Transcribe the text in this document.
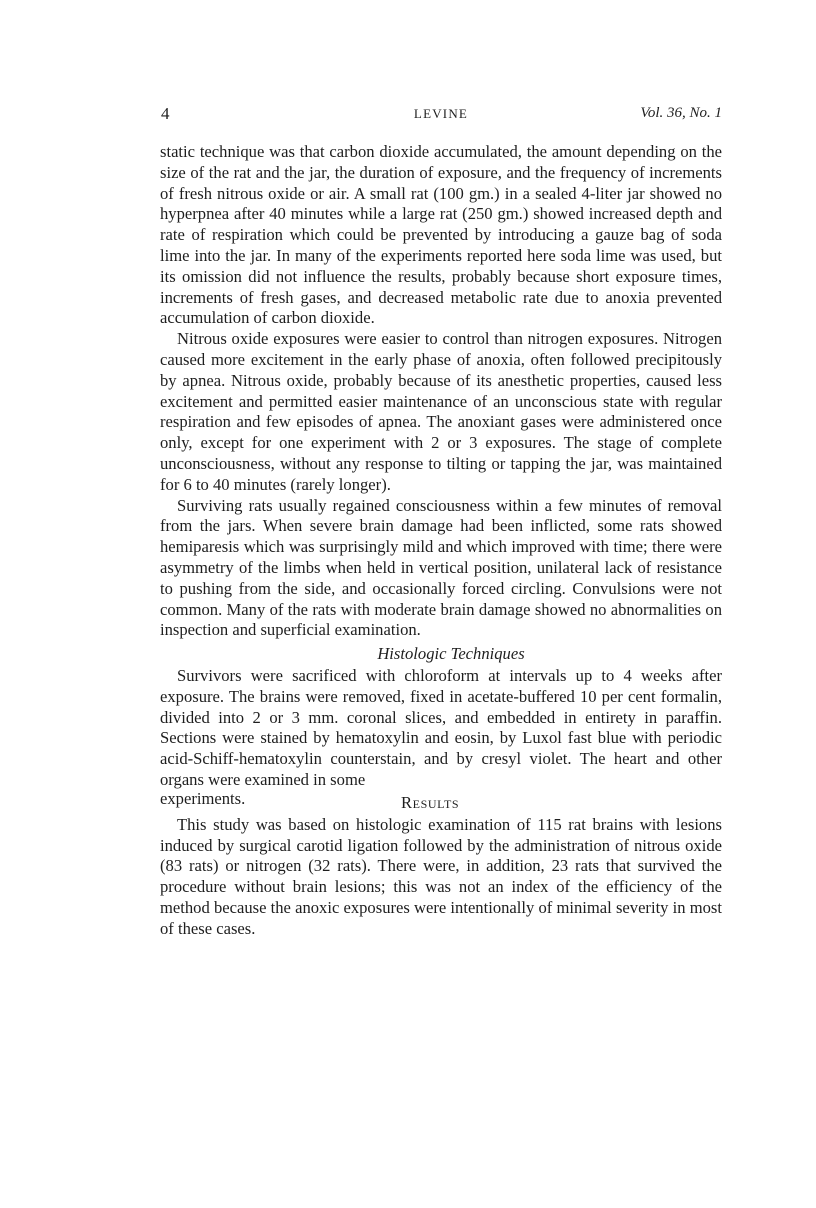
4	LEVINE	Vol. 36, No. 1

static technique was that carbon dioxide accumulated, the amount depending on the size of the rat and the jar, the duration of exposure, and the frequency of increments of fresh nitrous oxide or air. A small rat (100 gm.) in a sealed 4-liter jar showed no hyperpnea after 40 minutes while a large rat (250 gm.) showed increased depth and rate of respiration which could be prevented by introducing a gauze bag of soda lime into the jar. In many of the experiments reported here soda lime was used, but its omission did not influence the results, probably because short exposure times, increments of fresh gases, and decreased metabolic rate due to anoxia prevented accumulation of carbon dioxide.

Nitrous oxide exposures were easier to control than nitrogen exposures. Nitrogen caused more excitement in the early phase of anoxia, often followed precipitously by apnea. Nitrous oxide, probably because of its anesthetic properties, caused less excitement and permitted easier maintenance of an unconscious state with regular respiration and few episodes of apnea. The anoxiant gases were administered once only, except for one experiment with 2 or 3 exposures. The stage of complete unconsciousness, without any response to tilting or tapping the jar, was maintained for 6 to 40 minutes (rarely longer).

Surviving rats usually regained consciousness within a few minutes of removal from the jars. When severe brain damage had been inflicted, some rats showed hemiparesis which was surprisingly mild and which improved with time; there were asymmetry of the limbs when held in vertical position, unilateral lack of resistance to pushing from the side, and occasionally forced circling. Convulsions were not common. Many of the rats with moderate brain damage showed no abnormalities on inspection and superficial examination.

Histologic Techniques

Survivors were sacrificed with chloroform at intervals up to 4 weeks after exposure. The brains were removed, fixed in acetate-buffered 10 per cent formalin, divided into 2 or 3 mm. coronal slices, and embedded in entirety in paraffin. Sections were stained by hematoxylin and eosin, by Luxol fast blue with periodic acid-Schiff-hematoxylin counterstain, and by cresyl violet. The heart and other organs were examined in some

experiments.	Results

This study was based on histologic examination of 115 rat brains with lesions induced by surgical carotid ligation followed by the administration of nitrous oxide (83 rats) or nitrogen (32 rats). There were, in addition, 23 rats that survived the procedure without brain lesions; this was not an index of the efficiency of the method because the anoxic exposures were intentionally of minimal severity in most of these cases.
